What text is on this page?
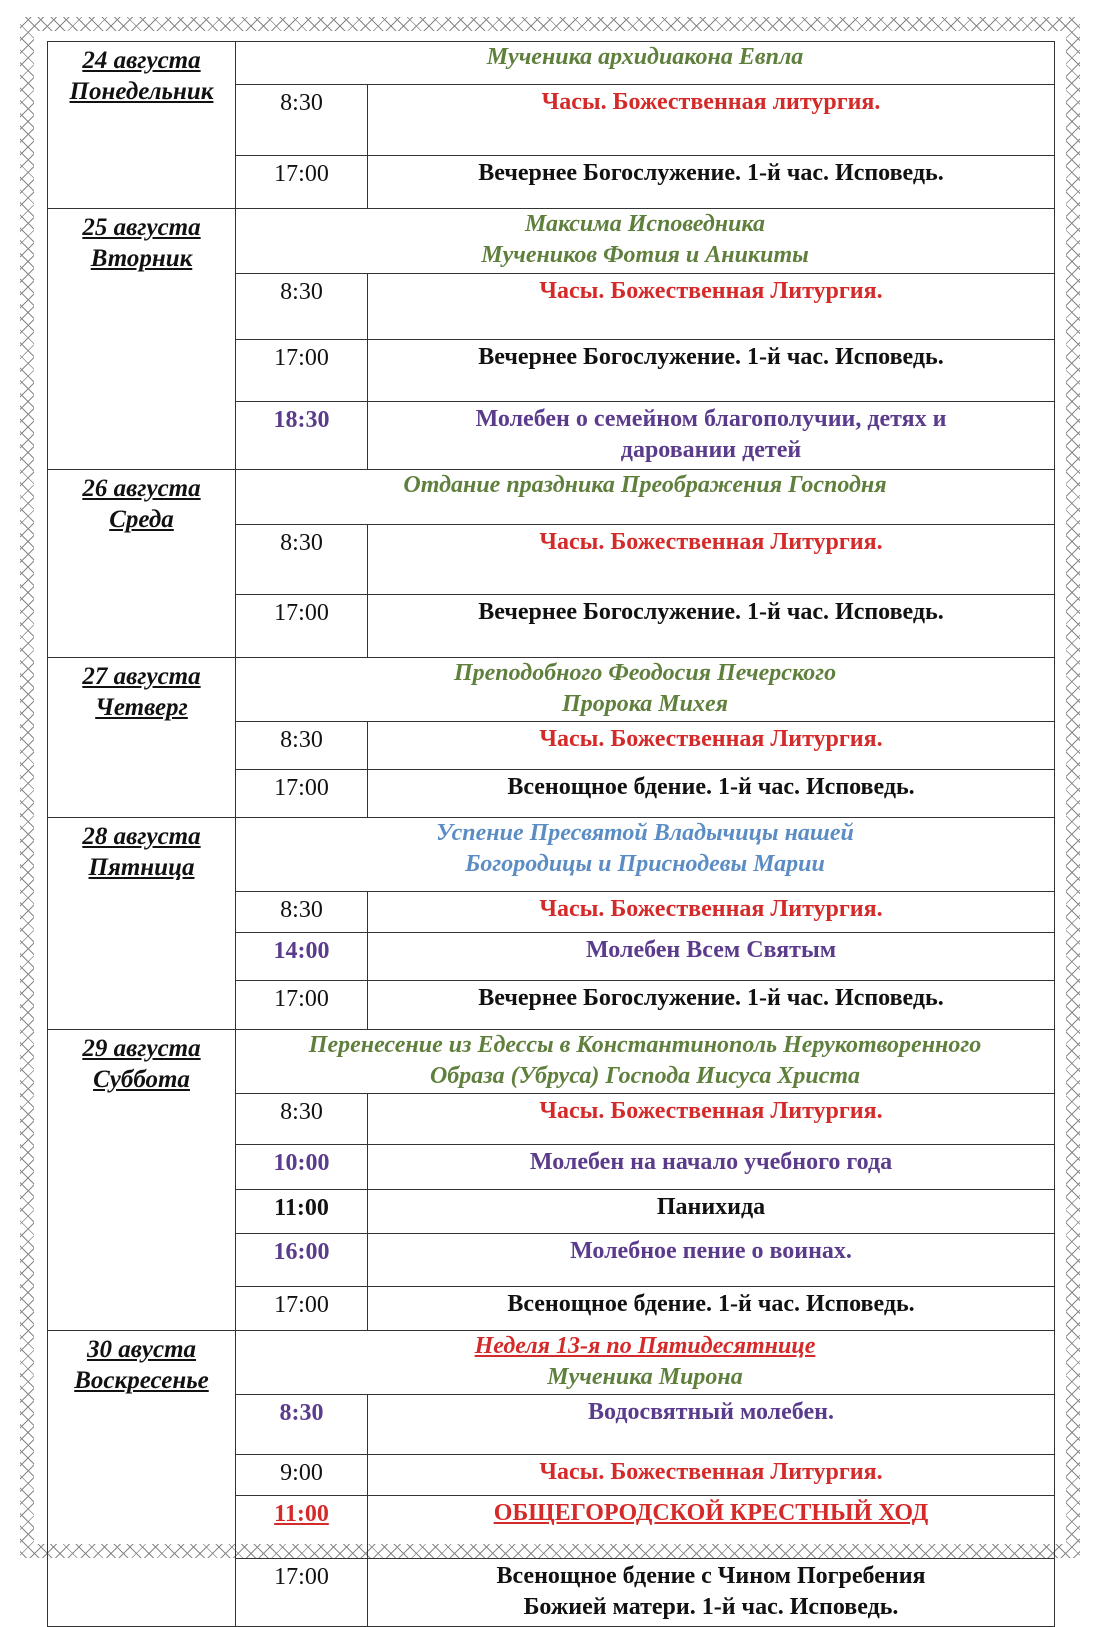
24 августа
Понедельник	Мученика архидиакона Евпла	

	8:30	Часы. Божественная литургия.

	17:00	Вечернее Богослужение. 1-й час. Исповедь.

25 августа
Вторник	Максима Исповедника
Мучеников Фотия и Аникиты	

	8:30	Часы. Божественная Литургия.

	17:00	Вечернее Богослужение. 1-й час. Исповедь.

	18:30	Молебен о семейном благополучии, детях и
даровании детей

26 августа
Среда	Отдание праздника Преображения Господня	

	8:30	Часы. Божественная Литургия.

	17:00	Вечернее Богослужение. 1-й час. Исповедь.

27 августа
Четверг	Преподобного Феодосия Печерского
Пророка Михея	

	8:30	Часы. Божественная Литургия.

	17:00	Всенощное бдение. 1-й час. Исповедь.

28 августа
Пятница	Успение Пресвятой Владычицы нашей
Богородицы и Приснодевы Марии	

	8:30	Часы. Божественная Литургия.

	14:00	Молебен Всем Святым

	17:00	Вечернее Богослужение. 1-й час. Исповедь.

29 августа
Суббота	Перенесение из Едессы в Константинополь Нерукотворенного
Образа (Убруса) Господа Иисуса Христа	

	8:30	Часы. Божественная Литургия.

	10:00	Молебен на начало учебного года

	11:00	Панихида

	16:00	Молебное пение о воинах.

	17:00	Всенощное бдение. 1-й час. Исповедь.

30 авуста
Воскресенье	Неделя 13-я по Пятидесятнице
Мученика Мирона	

	8:30	Водосвятный молебен.

	9:00	Часы. Божественная Литургия.

	11:00	ОБЩЕГОРОДСКОЙ КРЕСТНЫЙ ХОД

	17:00	Всенощное бдение с Чином Погребения
Божией матери. 1-й час. Исповедь.
